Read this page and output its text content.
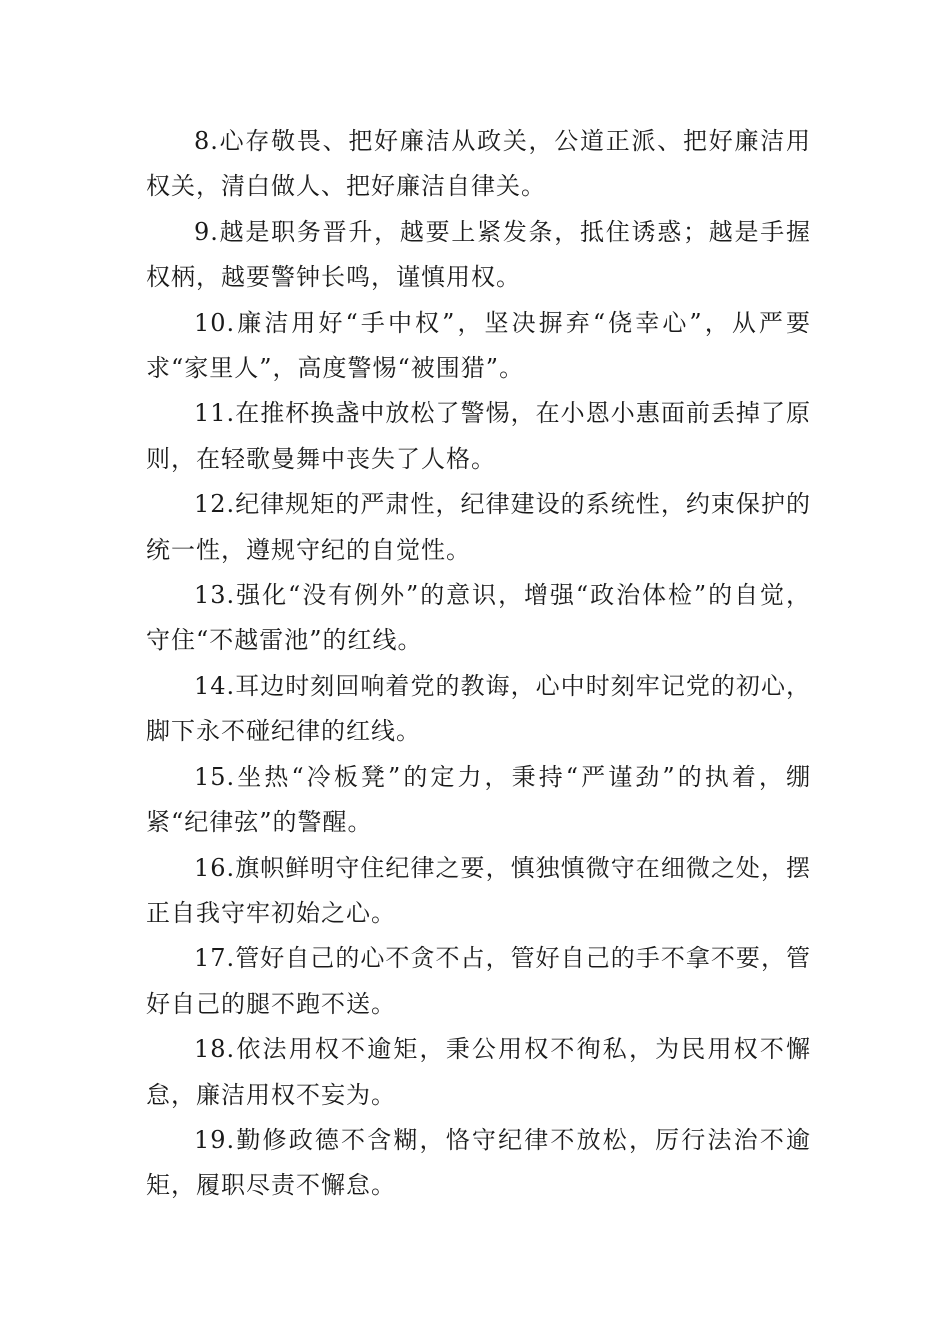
8.心存敬畏、把好廉洁从政关，公道正派、把好廉洁用权关，清白做人、把好廉洁自律关。

9.越是职务晋升，越要上紧发条，抵住诱惑；越是手握权柄，越要警钟长鸣，谨慎用权。

10.廉洁用好“手中权”，坚决摒弃“侥幸心”，从严要求“家里人”，高度警惕“被围猎”。

11.在推杯换盏中放松了警惕，在小恩小惠面前丢掉了原则，在轻歌曼舞中丧失了人格。

12.纪律规矩的严肃性，纪律建设的系统性，约束保护的统一性，遵规守纪的自觉性。

13.强化“没有例外”的意识，增强“政治体检”的自觉，守住“不越雷池”的红线。

14.耳边时刻回响着党的教诲，心中时刻牢记党的初心，脚下永不碰纪律的红线。

15.坐热“冷板凳”的定力，秉持“严谨劲”的执着，绷紧“纪律弦”的警醒。

16.旗帜鲜明守住纪律之要，慎独慎微守在细微之处，摆正自我守牢初始之心。

17.管好自己的心不贪不占，管好自己的手不拿不要，管好自己的腿不跑不送。

18.依法用权不逾矩，秉公用权不徇私，为民用权不懈怠，廉洁用权不妄为。

19.勤修政德不含糊，恪守纪律不放松，厉行法治不逾矩，履职尽责不懈怠。
